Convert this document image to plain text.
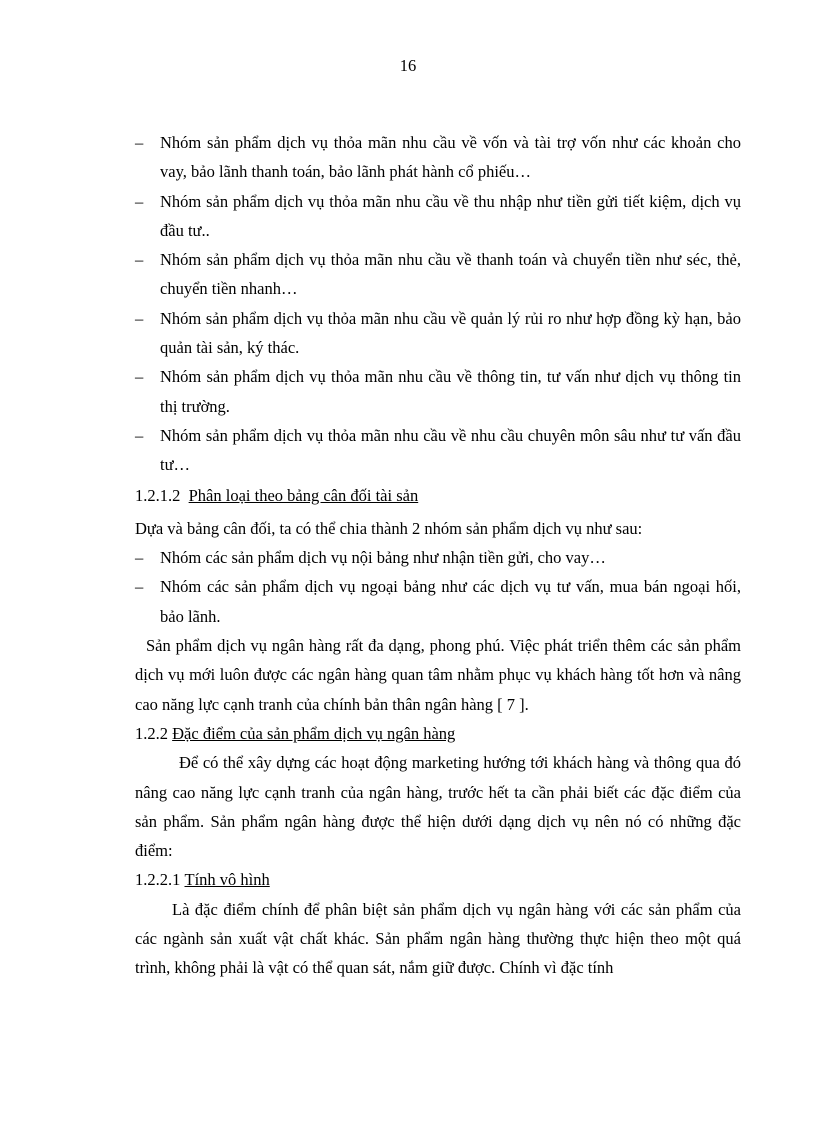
16
– Nhóm sản phẩm dịch vụ thỏa mãn nhu cầu về vốn và tài trợ vốn như các khoản cho vay, bảo lãnh thanh toán, bảo lãnh phát hành cổ phiếu…
– Nhóm sản phẩm dịch vụ thỏa mãn nhu cầu về thu nhập như tiền gửi tiết kiệm, dịch vụ đầu tư..
– Nhóm sản phẩm dịch vụ thỏa mãn nhu cầu về thanh toán và chuyển tiền như séc, thẻ, chuyển tiền nhanh…
– Nhóm sản phẩm dịch vụ thỏa mãn nhu cầu về quản lý rủi ro như hợp đồng kỳ hạn, bảo quản tài sản, ký thác.
– Nhóm sản phẩm dịch vụ thỏa mãn nhu cầu về thông tin, tư vấn như dịch vụ thông tin thị trường.
– Nhóm sản phẩm dịch vụ thỏa mãn nhu cầu về nhu cầu chuyên môn sâu như tư vấn đầu tư…
1.2.1.2 Phân loại theo bảng cân đối tài sản
Dựa và bảng cân đối, ta có thể chia thành 2 nhóm sản phẩm dịch vụ như sau:
– Nhóm các sản phẩm dịch vụ nội bảng như nhận tiền gửi, cho vay…
– Nhóm các sản phẩm dịch vụ ngoại bảng như các dịch vụ tư vấn, mua bán ngoại hối, bảo lãnh.
Sản phẩm dịch vụ ngân hàng rất đa dạng, phong phú. Việc phát triển thêm các sản phẩm dịch vụ mới luôn được các ngân hàng quan tâm nhằm phục vụ khách hàng tốt hơn và nâng cao năng lực cạnh tranh của chính bản thân ngân hàng [ 7 ].
1.2.2 Đặc điểm của sản phẩm dịch vụ ngân hàng
Để có thể xây dựng các hoạt động marketing hướng tới khách hàng và thông qua đó nâng cao năng lực cạnh tranh của ngân hàng, trước hết ta cần phải biết các đặc điểm của sản phẩm. Sản phẩm ngân hàng được thể hiện dưới dạng dịch vụ nên nó có những đặc điểm:
1.2.2.1 Tính vô hình
Là đặc điểm chính để phân biệt sản phẩm dịch vụ ngân hàng với các sản phẩm của các ngành sản xuất vật chất khác. Sản phẩm ngân hàng thường thực hiện theo một quá trình, không phải là vật có thể quan sát, nắm giữ được. Chính vì đặc tính
